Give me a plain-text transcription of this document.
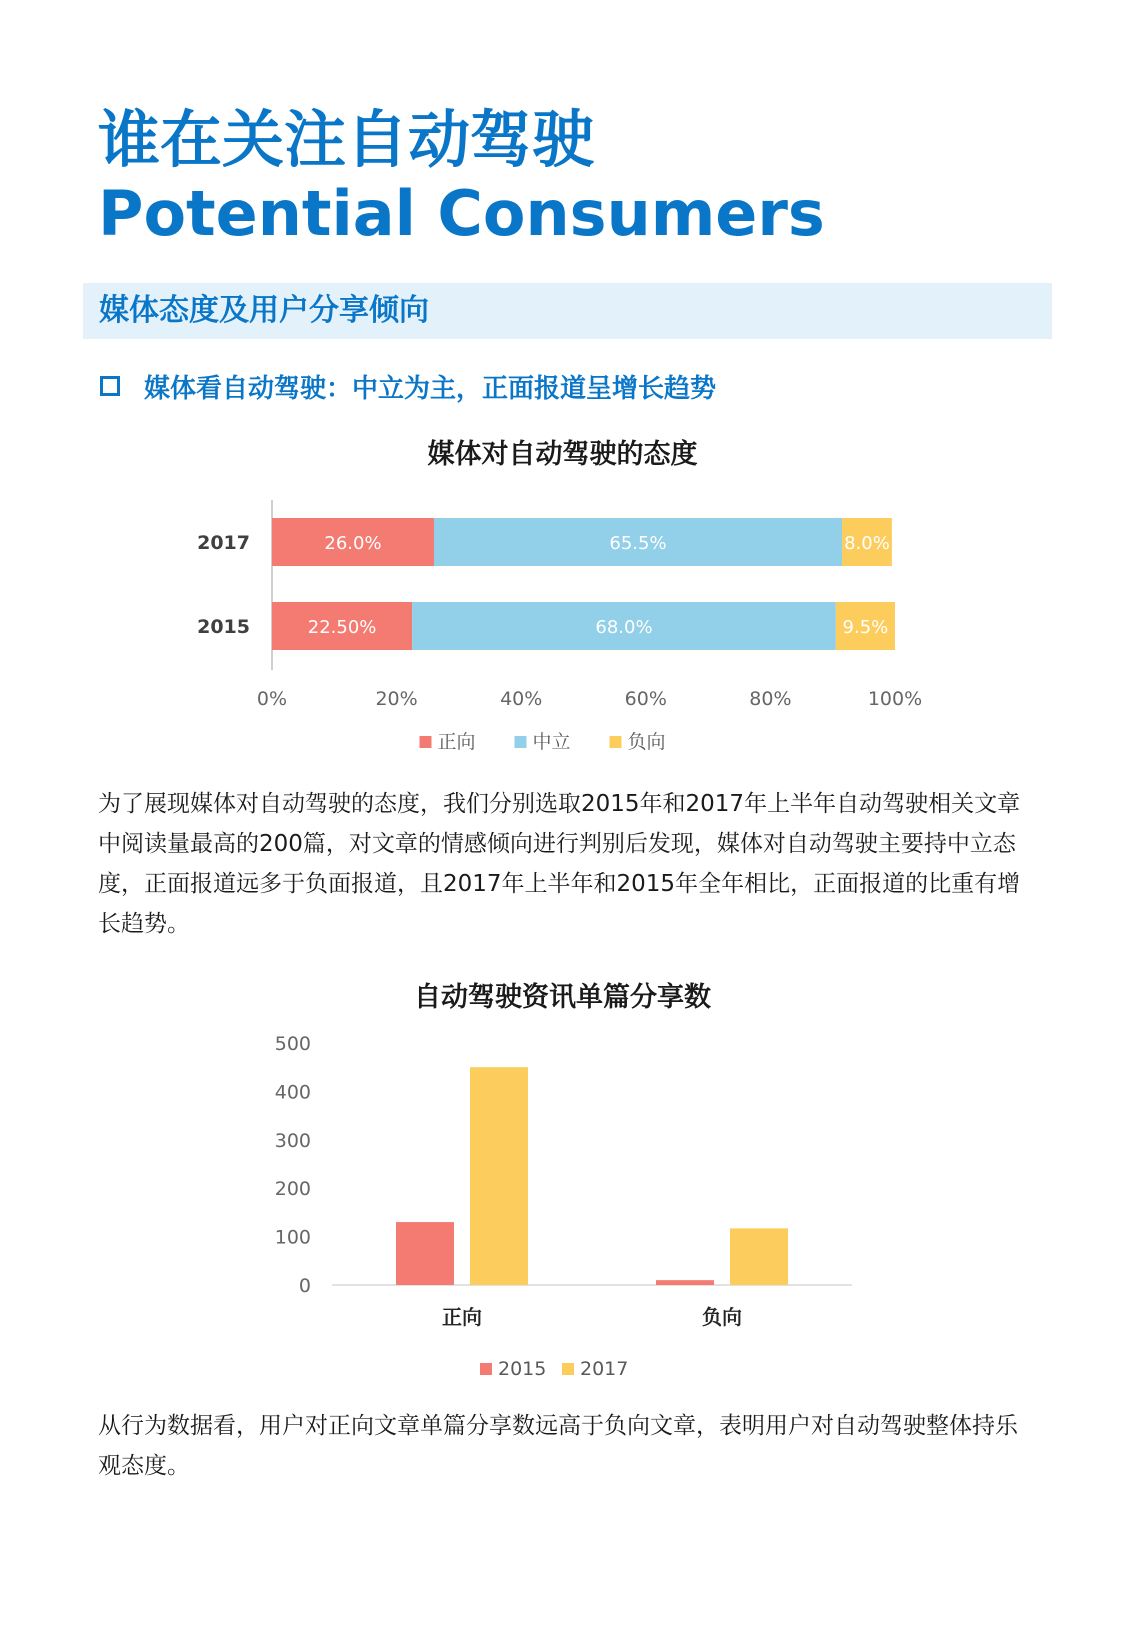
谁在关注自动驾驶
Potential Consumers
媒体态度及用户分享倾向
媒体看自动驾驶：中立为主，正面报道呈增长趋势
媒体对自动驾驶的态度
2017	26.0%	65.5%	8.0%
2015	22.50%	68.0%	9.5%
0%	20%	40%	60%	80%	100%
正向	中立	负向
为了展现媒体对自动驾驶的态度，我们分别选取2015年和2017年上半年自动驾驶相关文章中阅读量最高的200篇，对文章的情感倾向进行判别后发现，媒体对自动驾驶主要持中立态度，正面报道远多于负面报道，且2017年上半年和2015年全年相比，正面报道的比重有增长趋势。
自动驾驶资讯单篇分享数
0
100
200
300
400
500
正向	负向
2015 2017
从行为数据看，用户对正向文章单篇分享数远高于负向文章，表明用户对自动驾驶整体持乐观态度。
